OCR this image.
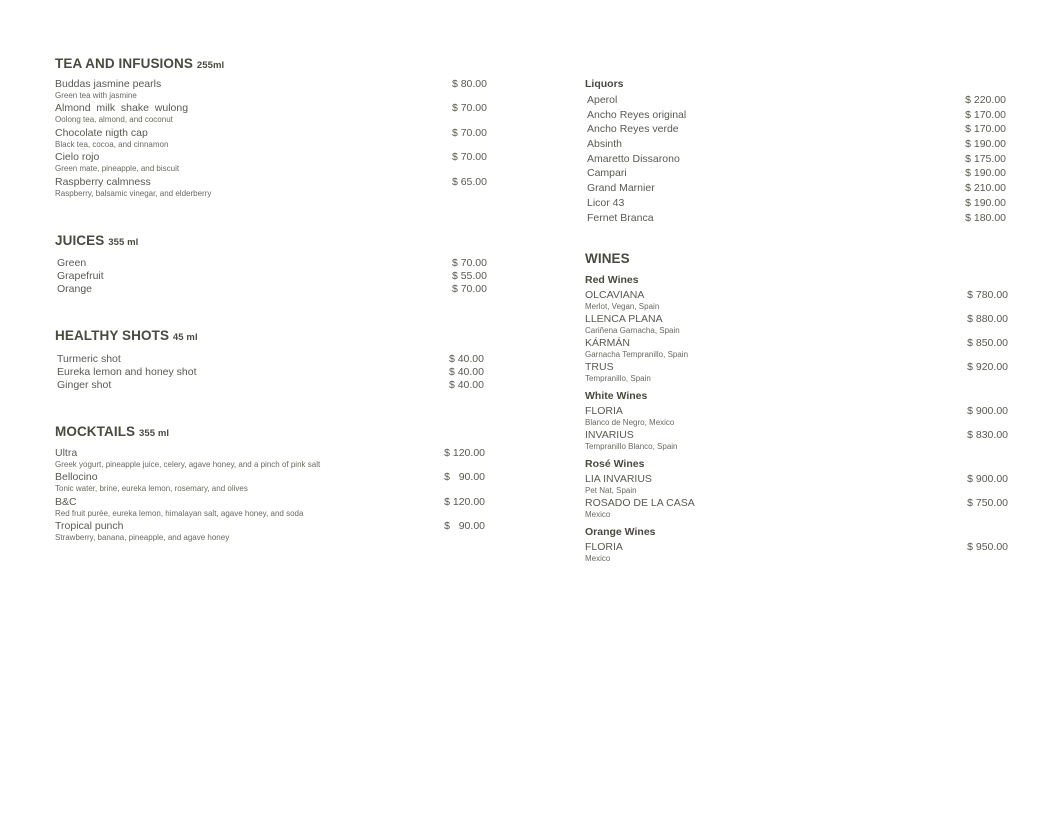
TEA AND INFUSIONS 255ml
Buddas jasmine pearls
Green tea with jasmine
$ 80.00
Almond  milk  shake  wulong
Oolong tea, almond, and coconut
$ 70.00
Chocolate nigth cap
Black tea, cocoa, and cinnamon
$ 70.00
Cielo rojo
Green mate, pineapple, and biscuit
$ 70.00
Raspberry calmness
Raspberry, balsamic vinegar, and elderberry
$ 65.00
JUICES 355 ml
Green	$ 70.00
Grapefruit	$ 55.00
Orange	$ 70.00
HEALTHY SHOTS 45 ml
Turmeric shot	$ 40.00
Eureka lemon and honey shot	$ 40.00
Ginger shot	$ 40.00
MOCKTAILS 355 ml
Ultra
Greek yogurt, pineapple juice, celery, agave honey, and a pinch of pink salt
$ 120.00
Bellocino
Tonic water, brine, eureka lemon, rosemary, and olives
$   90.00
B&C
Red fruit purée, eureka lemon, himalayan salt, agave honey, and soda
$ 120.00
Tropical punch
Strawberry, banana, pineapple, and agave honey
$   90.00
Liquors
Aperol	$ 220.00
Ancho Reyes original	$ 170.00
Ancho Reyes verde	$ 170.00
Absinth	$ 190.00
Amaretto Dissarono	$ 175.00
Campari	$ 190.00
Grand Marnier	$ 210.00
Licor 43	$ 190.00
Fernet Branca	$ 180.00
WINES
Red Wines
OLCAVIANA
Merlot, Vegan, Spain
$ 780.00
LLENCA PLANA
Cariñena Garnacha, Spain
$ 880.00
KÁRMÁN
Garnacha Tempranillo, Spain
$ 850.00
TRUS
Tempranillo, Spain
$ 920.00
White Wines
FLORIA
Blanco de Negro, Mexico
$ 900.00
INVARIUS
Tempranillo Blanco, Spain
$ 830.00
Rosé Wines
LIA INVARIUS
Pet Nat, Spain
$ 900.00
ROSADO DE LA CASA
Mexico
$ 750.00
Orange Wines
FLORIA
Mexico
$ 950.00
